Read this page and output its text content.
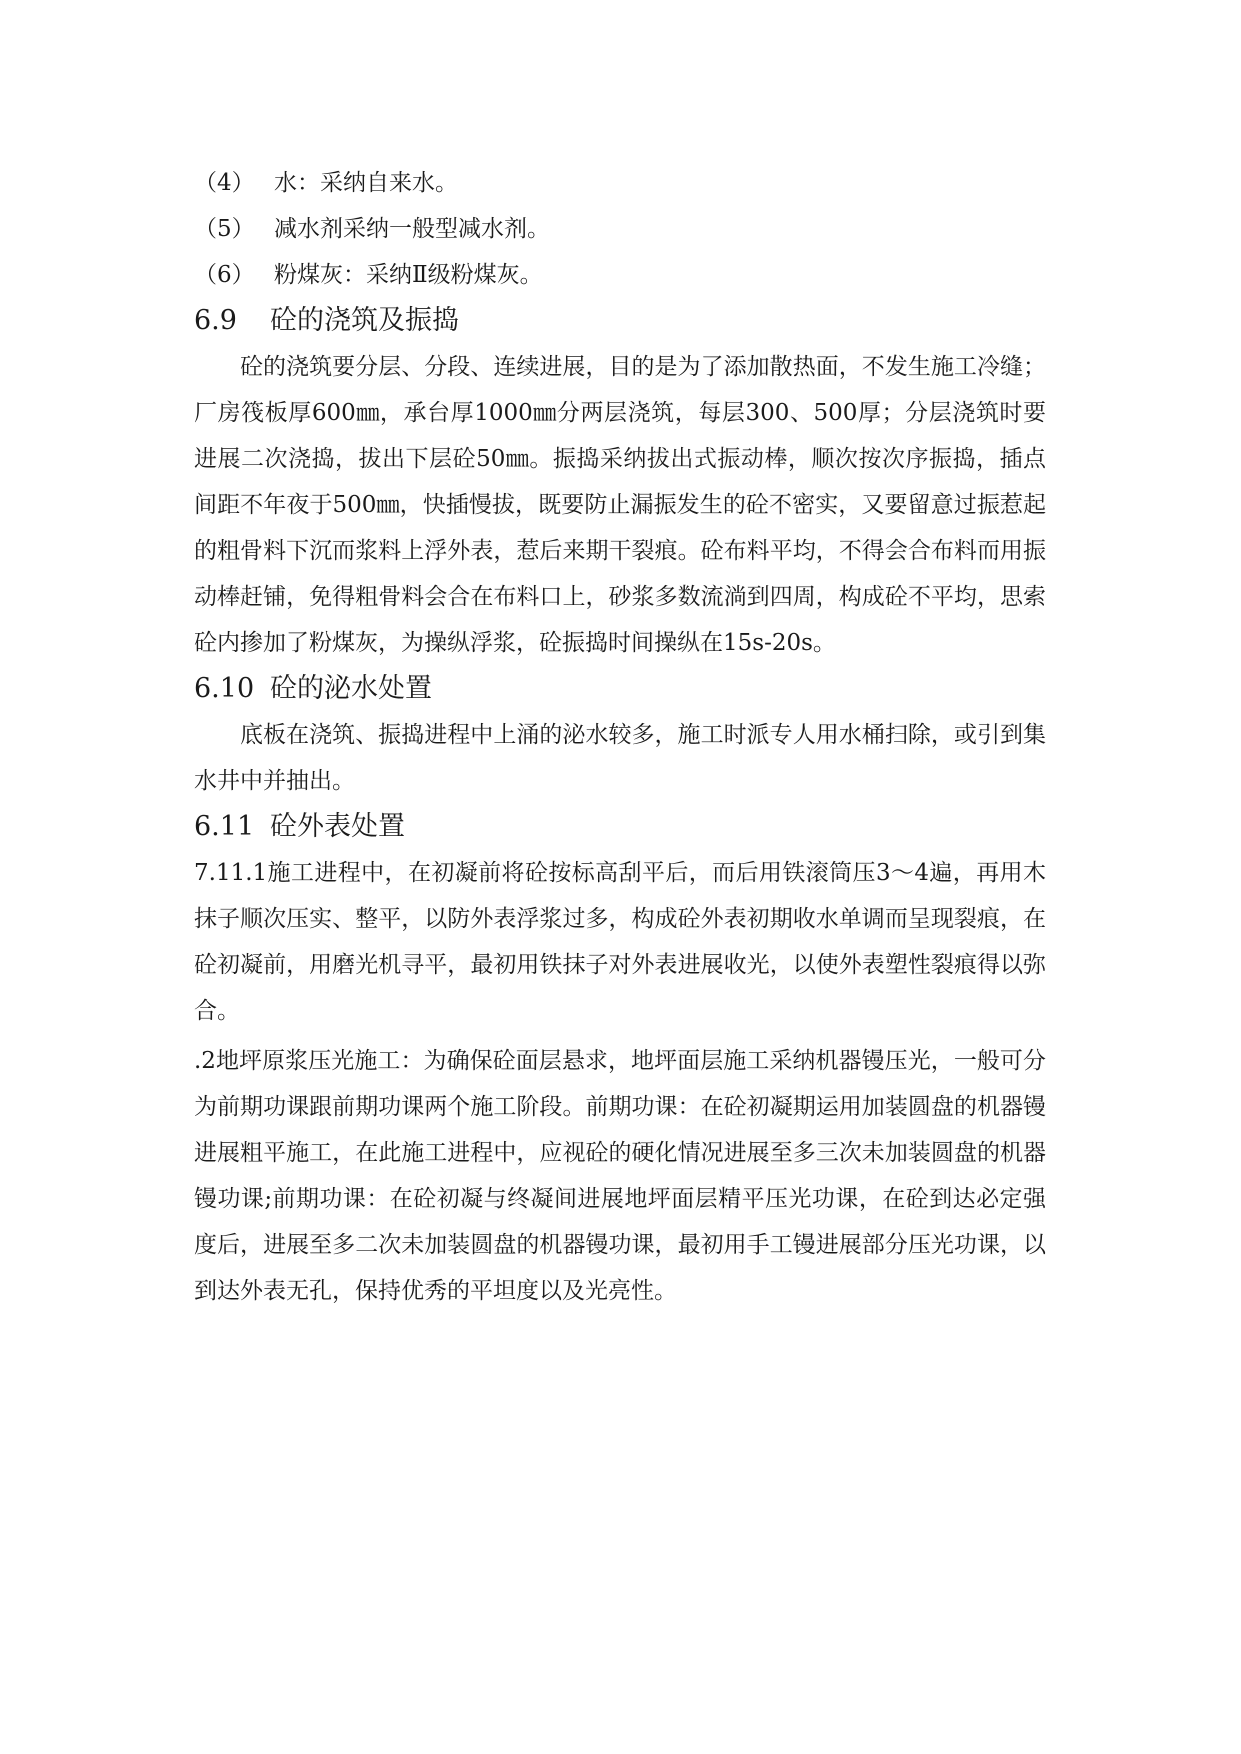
（4） 水：采纳自来水。
（5） 减水剂采纳一般型减水剂。
（6） 粉煤灰：采纳Ⅱ级粉煤灰。
6.9 砼的浇筑及振捣

砼的浇筑要分层、分段、连续进展，目的是为了添加散热面，不发生施工冷缝；厂房筏板厚600㎜，承台厚1000㎜分两层浇筑，每层300、500厚；分层浇筑时要进展二次浇捣，拔出下层砼50㎜。振捣采纳拔出式振动棒，顺次按次序振捣，插点间距不年夜于500㎜，快插慢拔，既要防止漏振发生的砼不密实，又要留意过振惹起的粗骨料下沉而浆料上浮外表，惹后来期干裂痕。砼布料平均，不得会合布料而用振动棒赶铺，免得粗骨料会合在布料口上，砂浆多数流淌到四周，构成砼不平均，思索砼内掺加了粉煤灰，为操纵浮浆，砼振捣时间操纵在15s-20s。

6.10 砼的泌水处置

底板在浇筑、振捣进程中上涌的泌水较多，施工时派专人用水桶扫除，或引到集水井中并抽出。

6.11 砼外表处置

7.11.1施工进程中，在初凝前将砼按标高刮平后，而后用铁滚筒压3～4遍，再用木抹子顺次压实、整平，以防外表浮浆过多，构成砼外表初期收水单调而呈现裂痕，在砼初凝前，用磨光机寻平，最初用铁抹子对外表进展收光，以使外表塑性裂痕得以弥合。

.2地坪原浆压光施工：为确保砼面层悬求，地坪面层施工采纳机器镘压光，一般可分为前期功课跟前期功课两个施工阶段。前期功课：在砼初凝期运用加装圆盘的机器镘进展粗平施工，在此施工进程中，应视砼的硬化情况进展至多三次未加装圆盘的机器镘功课;前期功课：在砼初凝与终凝间进展地坪面层精平压光功课，在砼到达必定强度后，进展至多二次未加装圆盘的机器镘功课，最初用手工镘进展部分压光功课，以到达外表无孔，保持优秀的平坦度以及光亮性。
